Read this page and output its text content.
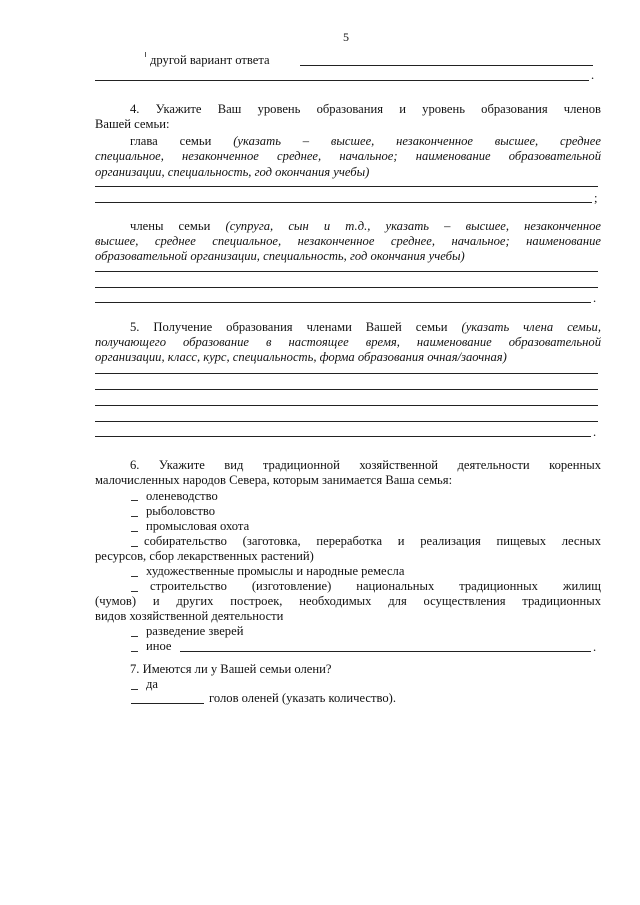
5
другой вариант ответа
.
4. Укажите Ваш уровень образования и уровень образования членов
Вашей семьи:
глава семьи (указать – высшее, незаконченное высшее, среднее
специальное, незаконченное среднее, начальное; наименование образовательной
организации, специальность, год окончания учебы)
;
члены семьи (супруга, сын и т.д., указать – высшее, незаконченное
высшее, среднее специальное, незаконченное среднее, начальное; наименование
образовательной организации, специальность, год окончания учебы)
.
5. Получение образования членами Вашей семьи (указать члена семьи,
получающего образование в настоящее время, наименование образовательной
организации, класс, курс, специальность, форма образования очная/заочная)
.
6. Укажите вид традиционной хозяйственной деятельности коренных
малочисленных народов Севера, которым занимается Ваша семья:
оленеводство
рыболовство
промысловая охота
собирательство (заготовка, переработка и реализация пищевых лесных
ресурсов, сбор лекарственных растений)
художественные промыслы и народные ремесла
строительство (изготовление) национальных традиционных жилищ
(чумов) и других построек, необходимых для осуществления традиционных
видов хозяйственной деятельности
разведение зверей
иное	.
7. Имеются ли у Вашей семьи олени?
да
голов оленей (указать количество).
